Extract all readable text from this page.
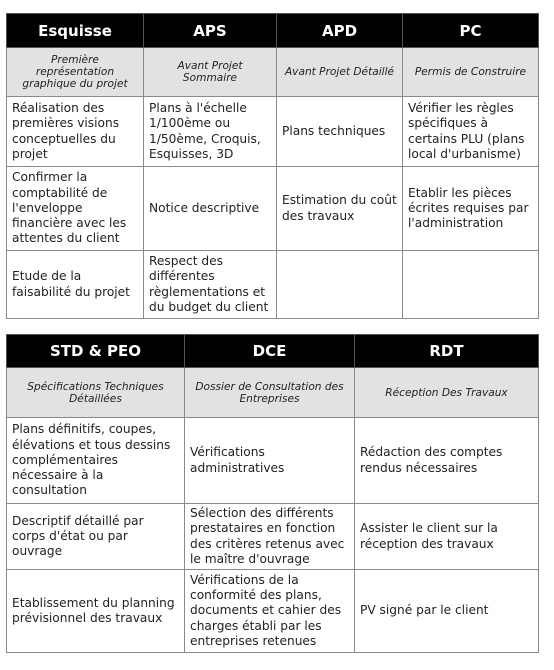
Esquisse	APS	APD	PC
Première représentation graphique du projet	Avant Projet Sommaire	Avant Projet Détaillé	Permis de Construire
Réalisation des premières visions conceptuelles du projet	Plans à l'échelle 1/100ème ou 1/50ème, Croquis, Esquisses, 3D	Plans techniques	Vérifier les règles spécifiques à certains PLU (plans local d'urbanisme)
Confirmer la comptabilité de l'enveloppe financière avec les attentes du client	Notice descriptive	Estimation du coût des travaux	Etablir les pièces écrites requises par l'administration
Etude de la faisabilité du projet	Respect des différentes règlementations et du budget du client		
STD & PEO	DCE	RDT
Spécifications Techniques Détaillées	Dossier de Consultation des Entreprises	Réception Des Travaux
Plans définitifs, coupes, élévations et tous dessins complémentaires nécessaire à la consultation	Vérifications administratives	Rédaction des comptes rendus nécessaires
Descriptif détaillé par corps d'état ou par ouvrage	Sélection des différents prestataires en fonction des critères retenus avec le maître d'ouvrage	Assister le client sur la réception des travaux
Etablissement du planning prévisionnel des travaux	Vérifications de la conformité des plans, documents et cahier des charges établi par les entreprises retenues	PV signé par le client
